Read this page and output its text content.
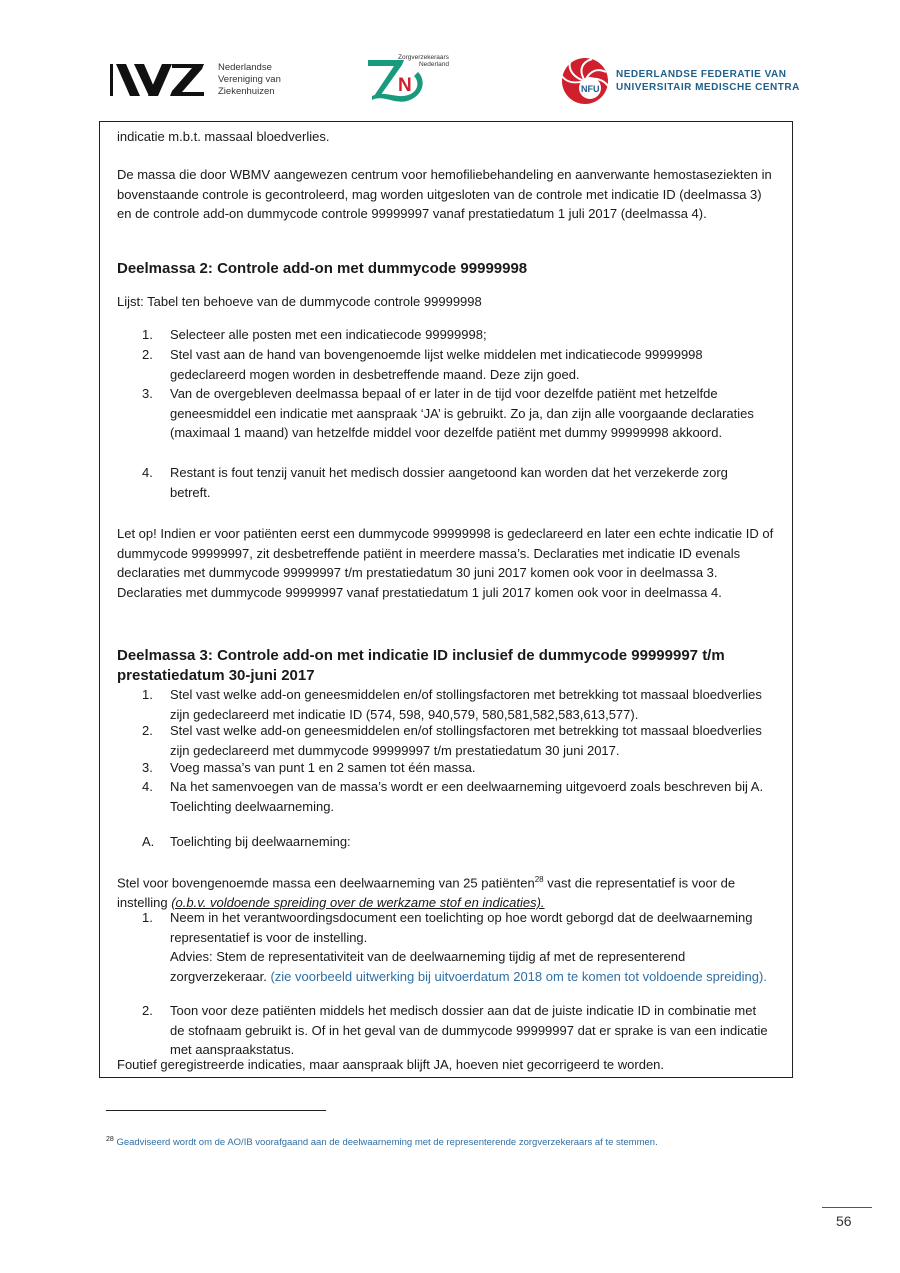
Nederlandse
Vereniging van
Ziekenhuizen	N
Zorgverzekeraars
Nederland
NFU
NEDERLANDSE FEDERATIE VAN
UNIVERSITAIR MEDISCHE CENTRA

indicatie m.b.t. massaal bloedverlies.

De massa die door WBMV aangewezen centrum voor hemofiliebehandeling en aanverwante hemostaseziekten in bovenstaande controle is gecontroleerd, mag worden uitgesloten van de controle met indicatie ID (deelmassa 3) en de controle add-on dummycode controle 99999997 vanaf prestatiedatum 1 juli 2017 (deelmassa 4).

Deelmassa 2: Controle add-on met dummycode 99999998

Lijst: Tabel ten behoeve van de dummycode controle 99999998

1. Selecteer alle posten met een indicatiecode 99999998;
2. Stel vast aan de hand van bovengenoemde lijst welke middelen met indicatiecode 99999998 gedeclareerd mogen worden in desbetreffende maand. Deze zijn goed.
3. Van de overgebleven deelmassa bepaal of er later in de tijd voor dezelfde patiënt met hetzelfde geneesmiddel een indicatie met aanspraak ‘JA’ is gebruikt. Zo ja, dan zijn alle voorgaande declaraties (maximaal 1 maand) van hetzelfde middel voor dezelfde patiënt met dummy 99999998 akkoord.
4. Restant is fout tenzij vanuit het medisch dossier aangetoond kan worden dat het verzekerde zorg betreft.

Let op! Indien er voor patiënten eerst een dummycode 99999998 is gedeclareerd en later een echte indicatie ID of dummycode 99999997, zit desbetreffende patiënt in meerdere massa’s. Declaraties met indicatie ID evenals declaraties met dummycode 99999997 t/m prestatiedatum 30 juni 2017 komen ook voor in deelmassa 3. Declaraties met dummycode 99999997 vanaf prestatiedatum 1 juli 2017 komen ook voor in deelmassa 4.

Deelmassa 3: Controle add-on met indicatie ID inclusief de dummycode 99999997 t/m prestatiedatum 30-juni 2017
1. Stel vast welke add-on geneesmiddelen en/of stollingsfactoren met betrekking tot massaal bloedverlies zijn gedeclareerd met indicatie ID (574, 598, 940,579, 580,581,582,583,613,577).
2. Stel vast welke add-on geneesmiddelen en/of stollingsfactoren met betrekking tot massaal bloedverlies zijn gedeclareerd met dummycode 99999997 t/m prestatiedatum 30 juni 2017.
3. Voeg massa’s van punt 1 en 2 samen tot één massa.
4. Na het samenvoegen van de massa’s wordt er een deelwaarneming uitgevoerd zoals beschreven bij A. Toelichting deelwaarneming.
A. Toelichting bij deelwaarneming:

Stel voor bovengenoemde massa een deelwaarneming van 25 patiënten$^{28}$ vast die representatief is voor de instelling (o.b.v. voldoende spreiding over de werkzame stof en indicaties).

1. Neem in het verantwoordingsdocument een toelichting op hoe wordt geborgd dat de deelwaarneming representatief is voor de instelling.
Advies: Stem de representativiteit van de deelwaarneming tijdig af met de representerend zorgverzekeraar. (zie voorbeeld uitwerking bij uitvoerdatum 2018 om te komen tot voldoende spreiding).
2. Toon voor deze patiënten middels het medisch dossier aan dat de juiste indicatie ID in combinatie met de stofnaam gebruikt is. Of in het geval van de dummycode 99999997 dat er sprake is van een indicatie met aanspraakstatus.

Foutief geregistreerde indicaties, maar aanspraak blijft JA, hoeven niet gecorrigeerd te worden.

$^{28}$ Geadviseerd wordt om de AO/IB voorafgaand aan de deelwaarneming met de representerende zorgverzekeraars af te stemmen.
56
